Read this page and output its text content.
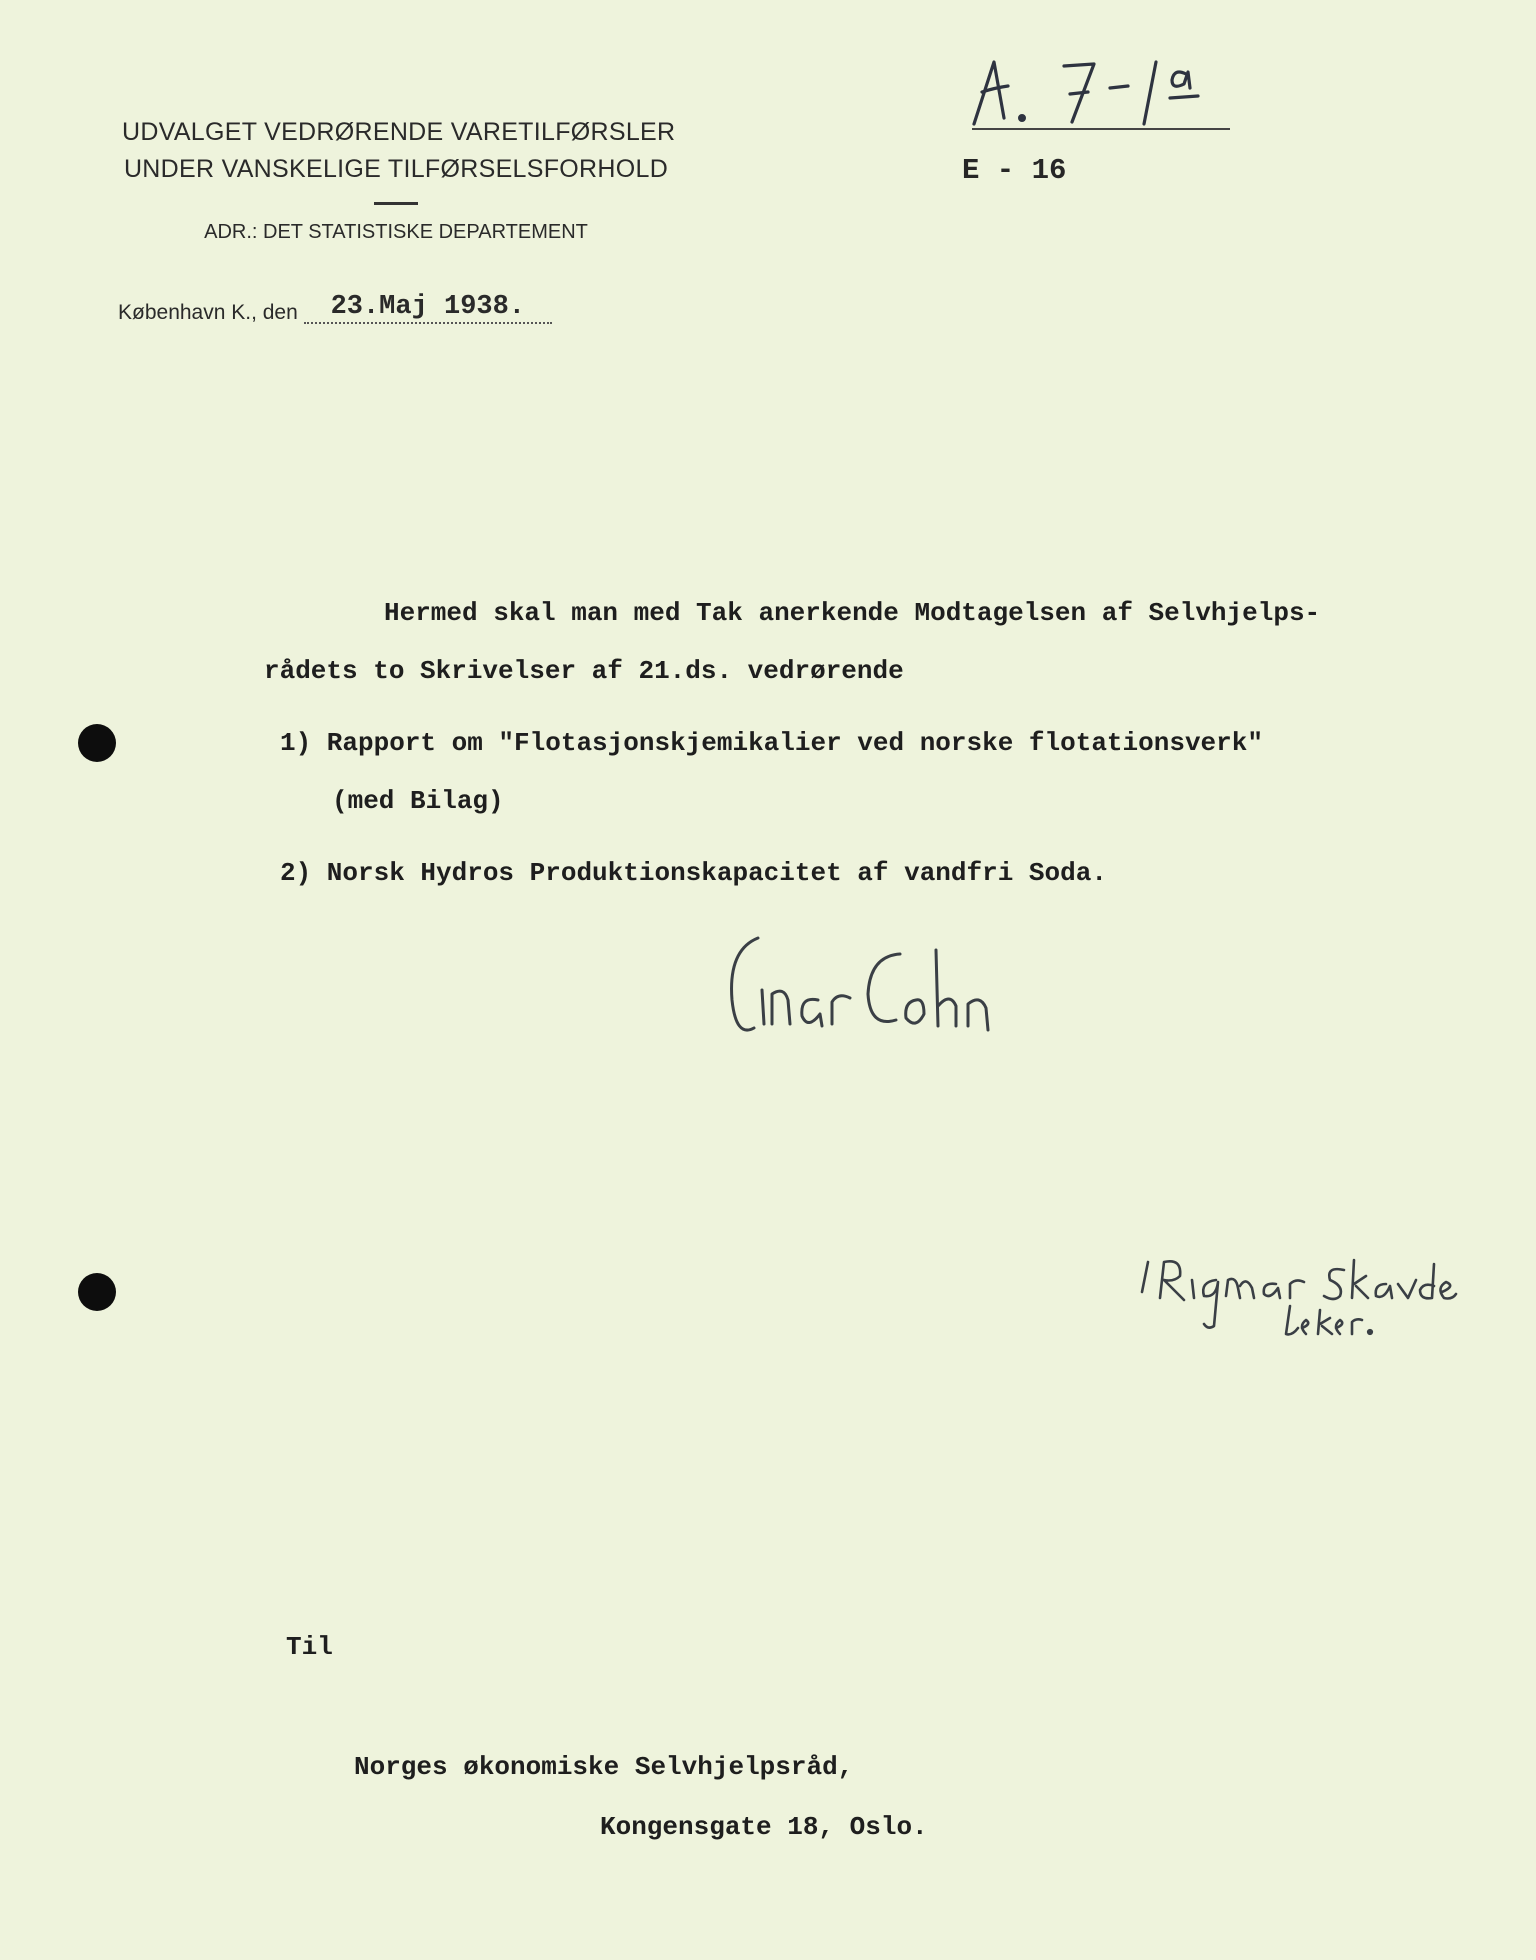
UDVALGET VEDRØRENDE VARETILFØRSLER
UNDER VANSKELIGE TILFØRSELSFORHOLD
ADR.: DET STATISTISKE DEPARTEMENT
E - 16
København K., den 23.Maj 1938.
Hermed skal man med Tak anerkende Modtagelsen af Selvhjelps-
rådets to Skrivelser af 21.ds. vedrørende
1) Rapport om "Flotasjonskjemikalier ved norske flotationsverk"
(med Bilag)
2) Norsk Hydros Produktionskapacitet af vandfri Soda.
Til
Norges økonomiske Selvhjelpsråd,
Kongensgate 18, Oslo.
